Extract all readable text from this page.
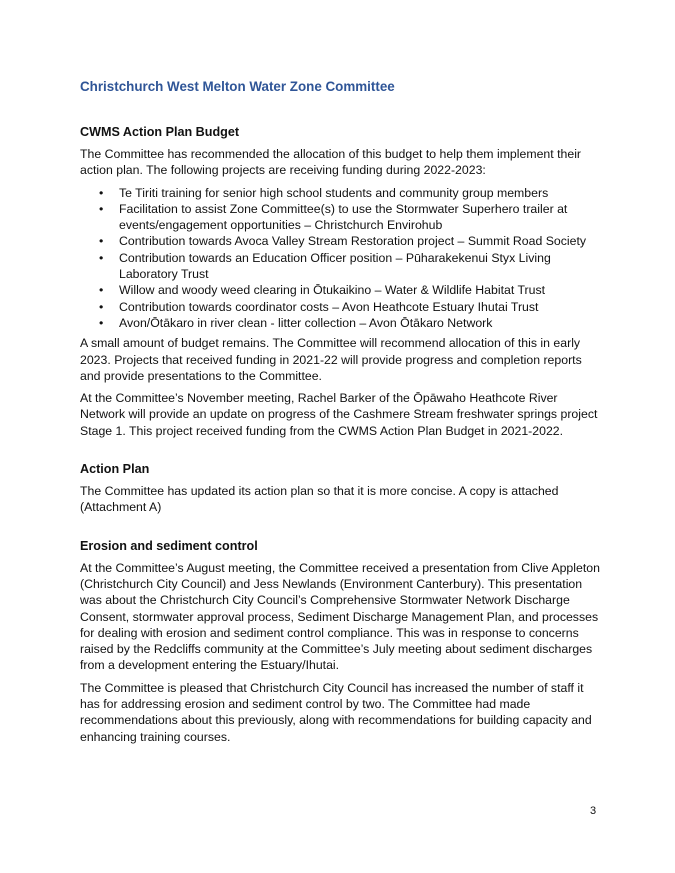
Christchurch West Melton Water Zone Committee
CWMS Action Plan Budget

The Committee has recommended the allocation of this budget to help them implement their action plan. The following projects are receiving funding during 2022-2023:

• Te Tiriti training for senior high school students and community group members
• Facilitation to assist Zone Committee(s) to use the Stormwater Superhero trailer at events/engagement opportunities – Christchurch Envirohub
• Contribution towards Avoca Valley Stream Restoration project – Summit Road Society
• Contribution towards an Education Officer position – Pūharakekenui Styx Living Laboratory Trust
• Willow and woody weed clearing in Ōtukaikino – Water & Wildlife Habitat Trust
• Contribution towards coordinator costs – Avon Heathcote Estuary Ihutai Trust
• Avon/Ōtākaro in river clean - litter collection – Avon Ōtākaro Network

A small amount of budget remains. The Committee will recommend allocation of this in early 2023. Projects that received funding in 2021-22 will provide progress and completion reports and provide presentations to the Committee.

At the Committee’s November meeting, Rachel Barker of the Ōpāwaho Heathcote River Network will provide an update on progress of the Cashmere Stream freshwater springs project Stage 1. This project received funding from the CWMS Action Plan Budget in 2021-2022.

Action Plan

The Committee has updated its action plan so that it is more concise. A copy is attached (Attachment A)

Erosion and sediment control

At the Committee’s August meeting, the Committee received a presentation from Clive Appleton (Christchurch City Council) and Jess Newlands (Environment Canterbury). This presentation was about the Christchurch City Council’s Comprehensive Stormwater Network Discharge Consent, stormwater approval process, Sediment Discharge Management Plan, and processes for dealing with erosion and sediment control compliance. This was in response to concerns raised by the Redcliffs community at the Committee’s July meeting about sediment discharges from a development entering the Estuary/Ihutai.

The Committee is pleased that Christchurch City Council has increased the number of staff it has for addressing erosion and sediment control by two. The Committee had made recommendations about this previously, along with recommendations for building capacity and enhancing training courses.

3
